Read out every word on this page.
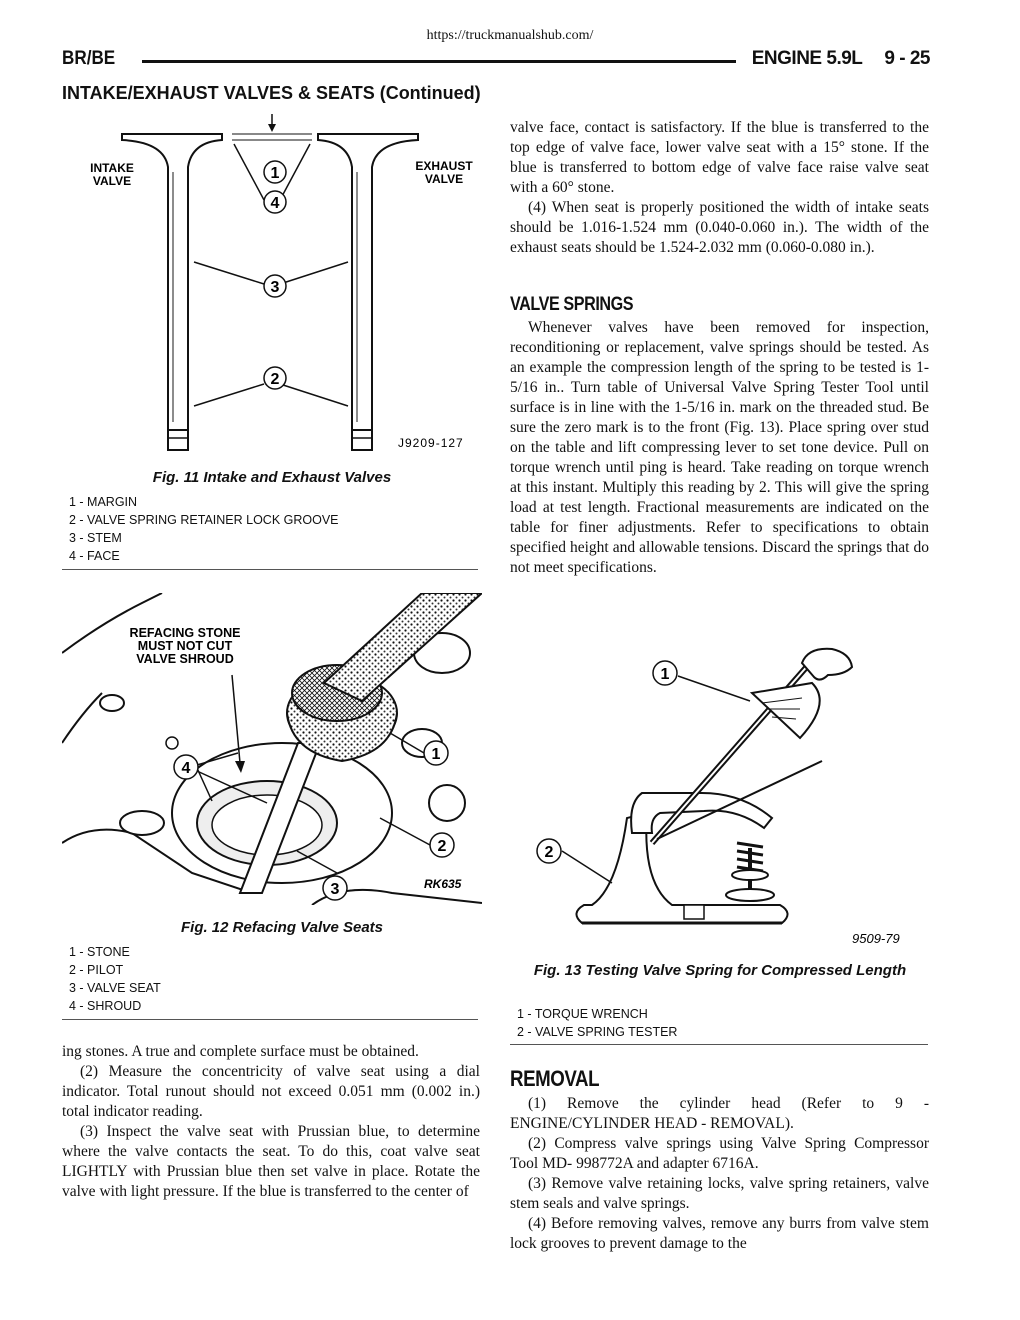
https://truckmanualshub.com/
BR/BE	ENGINE 5.9L 9 - 25
INTAKE/EXHAUST VALVES & SEATS (Continued)
1
4
3
2
INTAKE
VALVE
EXHAUST
VALVE
J9209-127
Fig. 11 Intake and Exhaust Valves
1 - MARGIN
2 - VALVE SPRING RETAINER LOCK GROOVE
3 - STEM
4 - FACE
REFACING STONE
MUST NOT CUT
VALVE SHROUD
1
2
3
4
RK635
Fig. 12 Refacing Valve Seats
1 - STONE
2 - PILOT
3 - VALVE SEAT
4 - SHROUD

ing stones. A true and complete surface must be obtained.

(2) Measure the concentricity of valve seat using a dial indicator. Total runout should not exceed 0.051 mm (0.002 in.) total indicator reading.

(3) Inspect the valve seat with Prussian blue, to determine where the valve contacts the seat. To do this, coat valve seat LIGHTLY with Prussian blue then set valve in place. Rotate the valve with light pressure. If the blue is transferred to the center of

valve face, contact is satisfactory. If the blue is transferred to the top edge of valve face, lower valve seat with a 15° stone. If the blue is transferred to bottom edge of valve face raise valve seat with a 60° stone.

(4) When seat is properly positioned the width of intake seats should be 1.016-1.524 mm (0.040-0.060 in.). The width of the exhaust seats should be 1.524-2.032 mm (0.060-0.080 in.).

VALVE SPRINGS

Whenever valves have been removed for inspection, reconditioning or replacement, valve springs should be tested. As an example the compression length of the spring to be tested is 1-5/16 in.. Turn table of Universal Valve Spring Tester Tool until surface is in line with the 1-5/16 in. mark on the threaded stud. Be sure the zero mark is to the front (Fig. 13). Place spring over stud on the table and lift compressing lever to set tone device. Pull on torque wrench until ping is heard. Take reading on torque wrench at this instant. Multiply this reading by 2. This will give the spring load at test length. Fractional measurements are indicated on the table for finer adjustments. Refer to specifications to obtain specified height and allowable tensions. Discard the springs that do not meet specifications.

1
2
9509-79
Fig. 13 Testing Valve Spring for Compressed Length
1 - TORQUE WRENCH
2 - VALVE SPRING TESTER
REMOVAL

(1) Remove the cylinder head (Refer to 9 - ENGINE/CYLINDER HEAD - REMOVAL).

(2) Compress valve springs using Valve Spring Compressor Tool MD- 998772A and adapter 6716A.

(3) Remove valve retaining locks, valve spring retainers, valve stem seals and valve springs.

(4) Before removing valves, remove any burrs from valve stem lock grooves to prevent damage to the
